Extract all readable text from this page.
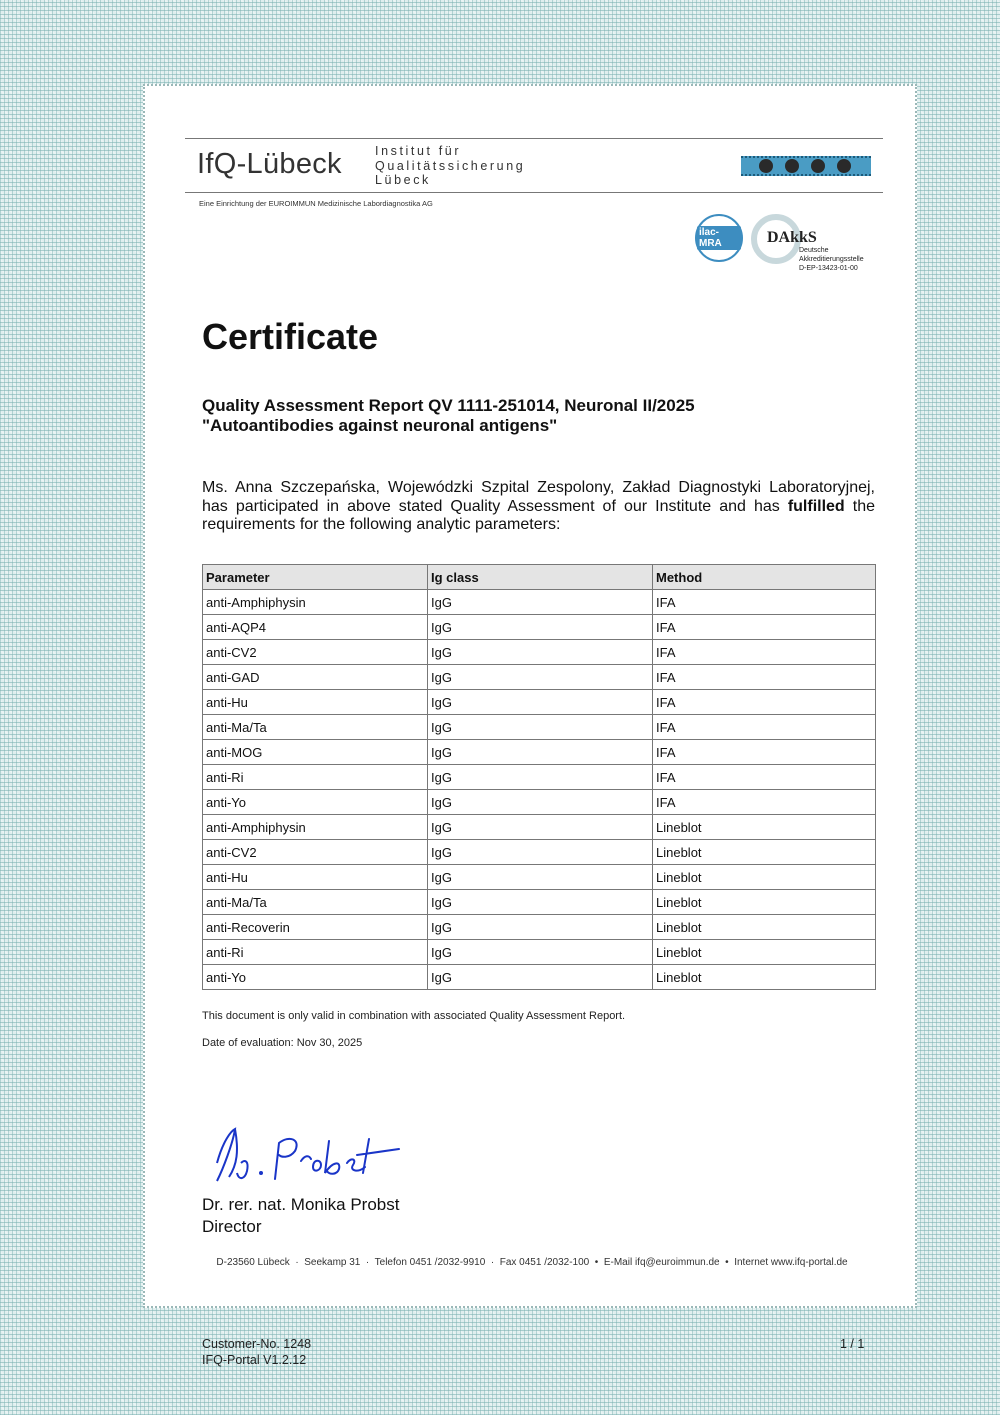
IfQ-Lübeck	Institut für
Qualitätssicherung
Lübeck
Eine Einrichtung der EUROIMMUN Medizinische Labordiagnostika AG
ilac-MRA	DAkkS
Deutsche
Akkreditierungsstelle
D-EP-13423-01-00
Certificate
Quality Assessment Report QV 1111-251014, Neuronal II/2025
"Autoantibodies against neuronal antigens"
Ms. Anna Szczepańska, Wojewódzki Szpital Zespolony, Zakład Diagnostyki Laboratoryjnej, has participated in above stated Quality Assessment of our Institute and has fulfilled the requirements for the following analytic parameters:
Parameter	Ig class	Method
anti-Amphiphysin	IgG	IFA
anti-AQP4	IgG	IFA
anti-CV2	IgG	IFA
anti-GAD	IgG	IFA
anti-Hu	IgG	IFA
anti-Ma/Ta	IgG	IFA
anti-MOG	IgG	IFA
anti-Ri	IgG	IFA
anti-Yo	IgG	IFA
anti-Amphiphysin	IgG	Lineblot
anti-CV2	IgG	Lineblot
anti-Hu	IgG	Lineblot
anti-Ma/Ta	IgG	Lineblot
anti-Recoverin	IgG	Lineblot
anti-Ri	IgG	Lineblot
anti-Yo	IgG	Lineblot
This document is only valid in combination with associated Quality Assessment Report.
Date of evaluation: Nov 30, 2025
Dr. rer. nat. Monika Probst
Director
D-23560 Lübeck  ·  Seekamp 31  ·  Telefon 0451 /2032-9910  ·  Fax 0451 /2032-100  •  E-Mail ifq@euroimmun.de  •  Internet www.ifq-portal.de
Customer-No. 1248
IFQ-Portal V1.2.12
1 / 1
